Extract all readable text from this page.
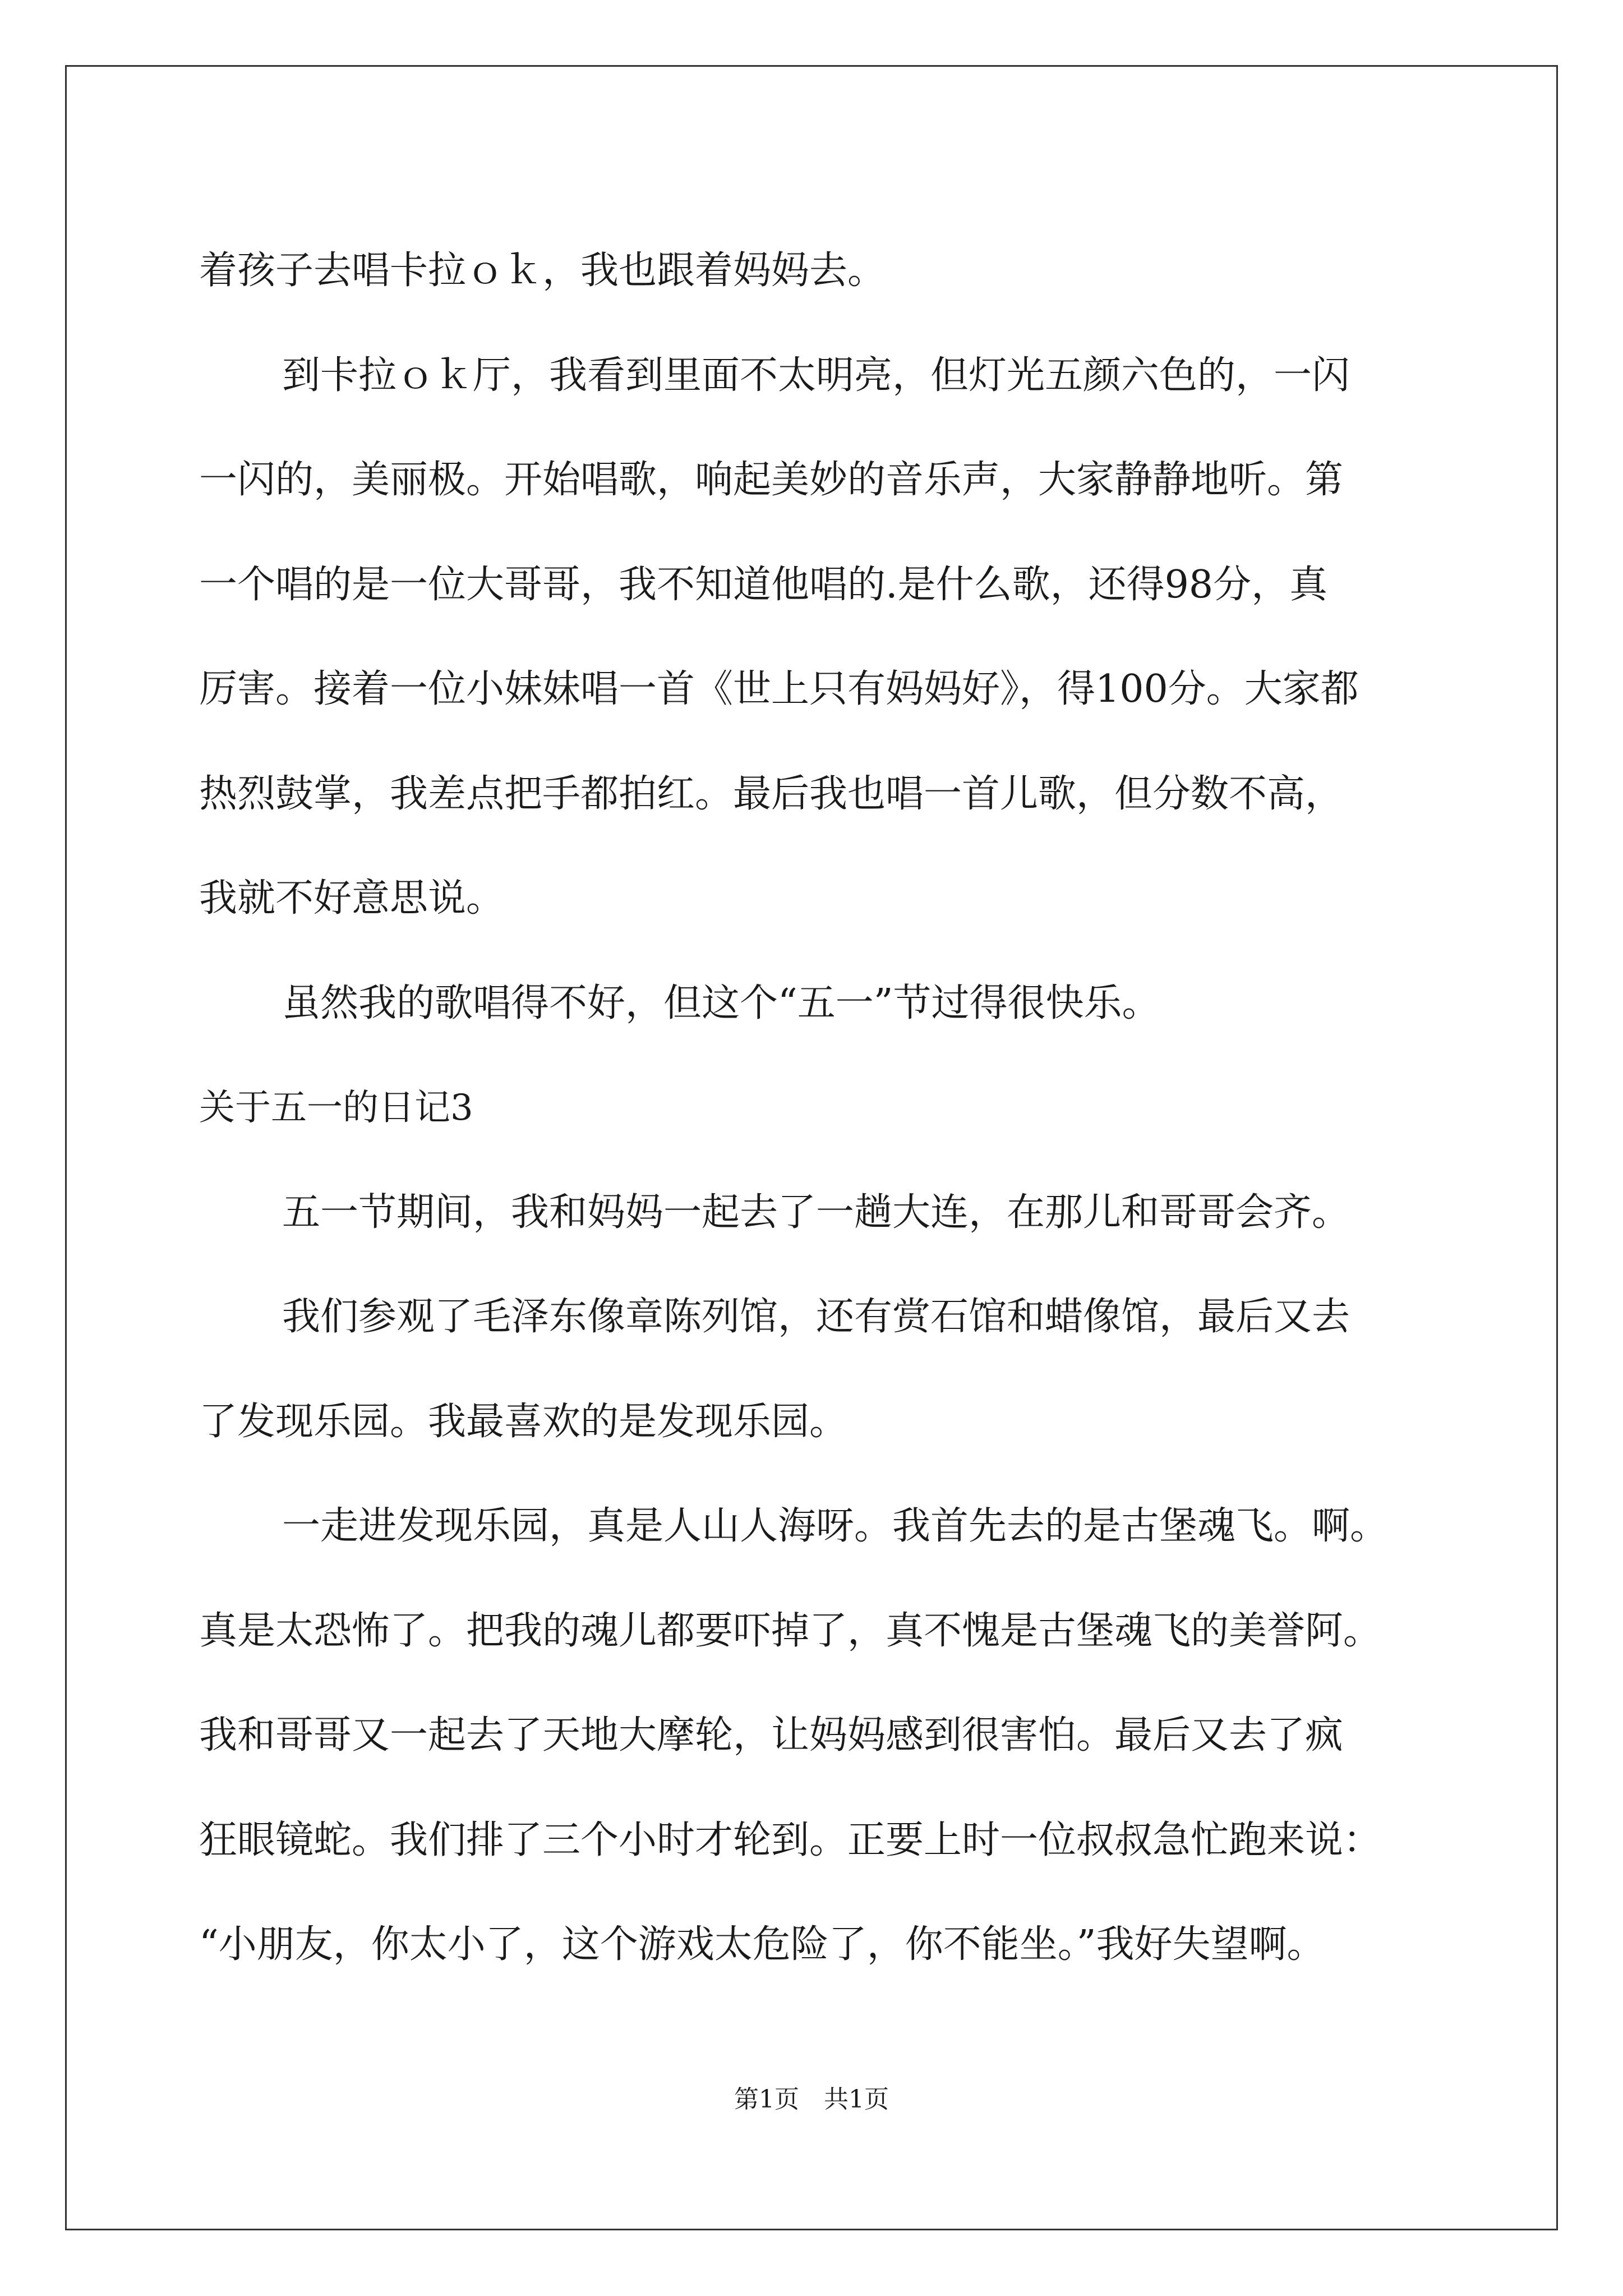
着孩子去唱卡拉ｏｋ，我也跟着妈妈去。
到卡拉ｏｋ厅，我看到里面不太明亮，但灯光五颜六色的，一闪
一闪的，美丽极。开始唱歌，响起美妙的音乐声，大家静静地听。第
一个唱的是一位大哥哥，我不知道他唱的.是什么歌，还得98分，真
厉害。接着一位小妹妹唱一首《世上只有妈妈好》，得100分。大家都
热烈鼓掌，我差点把手都拍红。最后我也唱一首儿歌，但分数不高，
我就不好意思说。
虽然我的歌唱得不好，但这个“五一”节过得很快乐。
关于五一的日记3
五一节期间，我和妈妈一起去了一趟大连，在那儿和哥哥会齐。
我们参观了毛泽东像章陈列馆，还有赏石馆和蜡像馆，最后又去
了发现乐园。我最喜欢的是发现乐园。
一走进发现乐园，真是人山人海呀。我首先去的是古堡魂飞。啊。
真是太恐怖了。把我的魂儿都要吓掉了，真不愧是古堡魂飞的美誉阿。
我和哥哥又一起去了天地大摩轮，让妈妈感到很害怕。最后又去了疯
狂眼镜蛇。我们排了三个小时才轮到。正要上时一位叔叔急忙跑来说：
“小朋友，你太小了，这个游戏太危险了，你不能坐。”我好失望啊。
第1页　共1页
